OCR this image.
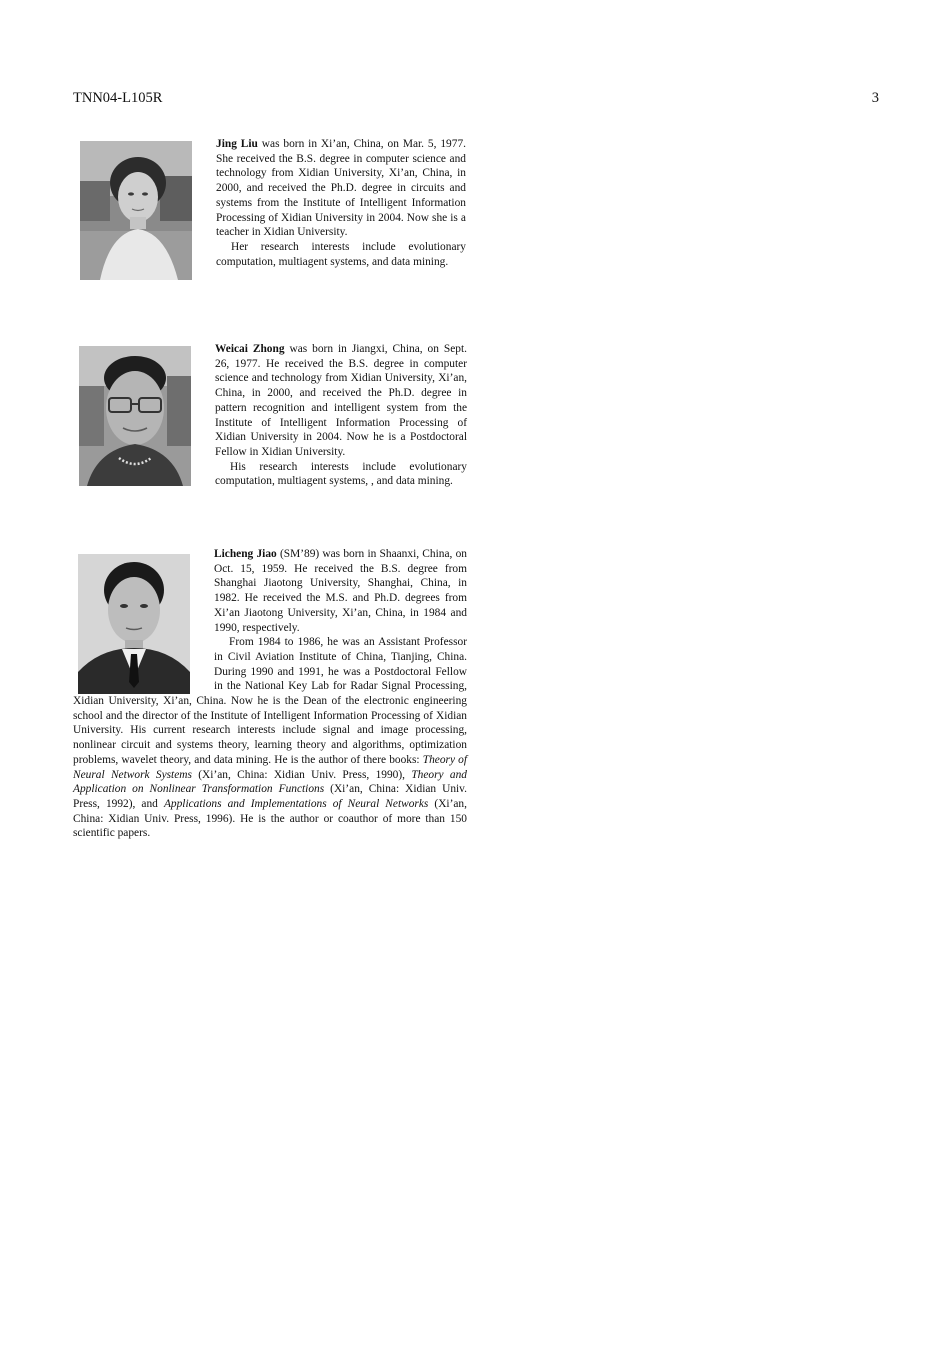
TNN04-L105R	3

Jing Liu was born in Xi’an, China, on Mar. 5, 1977. She received the B.S. degree in computer science and technology from Xidian University, Xi’an, China, in 2000, and received the Ph.D. degree in circuits and systems from the Institute of Intelligent Information Processing of Xidian University in 2004. Now she is a teacher in Xidian University.

Her research interests include evolutionary computation, multiagent systems, and data mining.

Weicai Zhong was born in Jiangxi, China, on Sept. 26, 1977. He received the B.S. degree in computer science and technology from Xidian University, Xi’an, China, in 2000, and received the Ph.D. degree in pattern recognition and intelligent system from the Institute of Intelligent Information Processing of Xidian University in 2004. Now he is a Postdoctoral Fellow in Xidian University.

His research interests include evolutionary computation, multiagent systems, , and data mining.

Licheng Jiao (SM’89) was born in Shaanxi, China, on Oct. 15, 1959. He received the B.S. degree from Shanghai Jiaotong University, Shanghai, China, in 1982. He received the M.S. and Ph.D. degrees from Xi’an Jiaotong University, Xi’an, China, in 1984 and 1990, respectively.

From 1984 to 1986, he was an Assistant Professor in Civil Aviation Institute of China, Tianjing, China. During 1990 and 1991, he was a Postdoctoral Fellow in the National Key Lab for Radar Signal Processing, Xidian University, Xi’an, China. Now he is the Dean of the electronic engineering school and the director of the Institute of Intelligent Information Processing of Xidian University. His current research interests include signal and image processing, nonlinear circuit and systems theory, learning theory and algorithms, optimization problems, wavelet theory, and data mining. He is the author of there books: Theory of Neural Network Systems (Xi’an, China: Xidian Univ. Press, 1990), Theory and Application on Nonlinear Transformation Functions (Xi’an, China: Xidian Univ. Press, 1992), and Applications and Implementations of Neural Networks (Xi’an, China: Xidian Univ. Press, 1996). He is the author or coauthor of more than 150 scientific papers.
